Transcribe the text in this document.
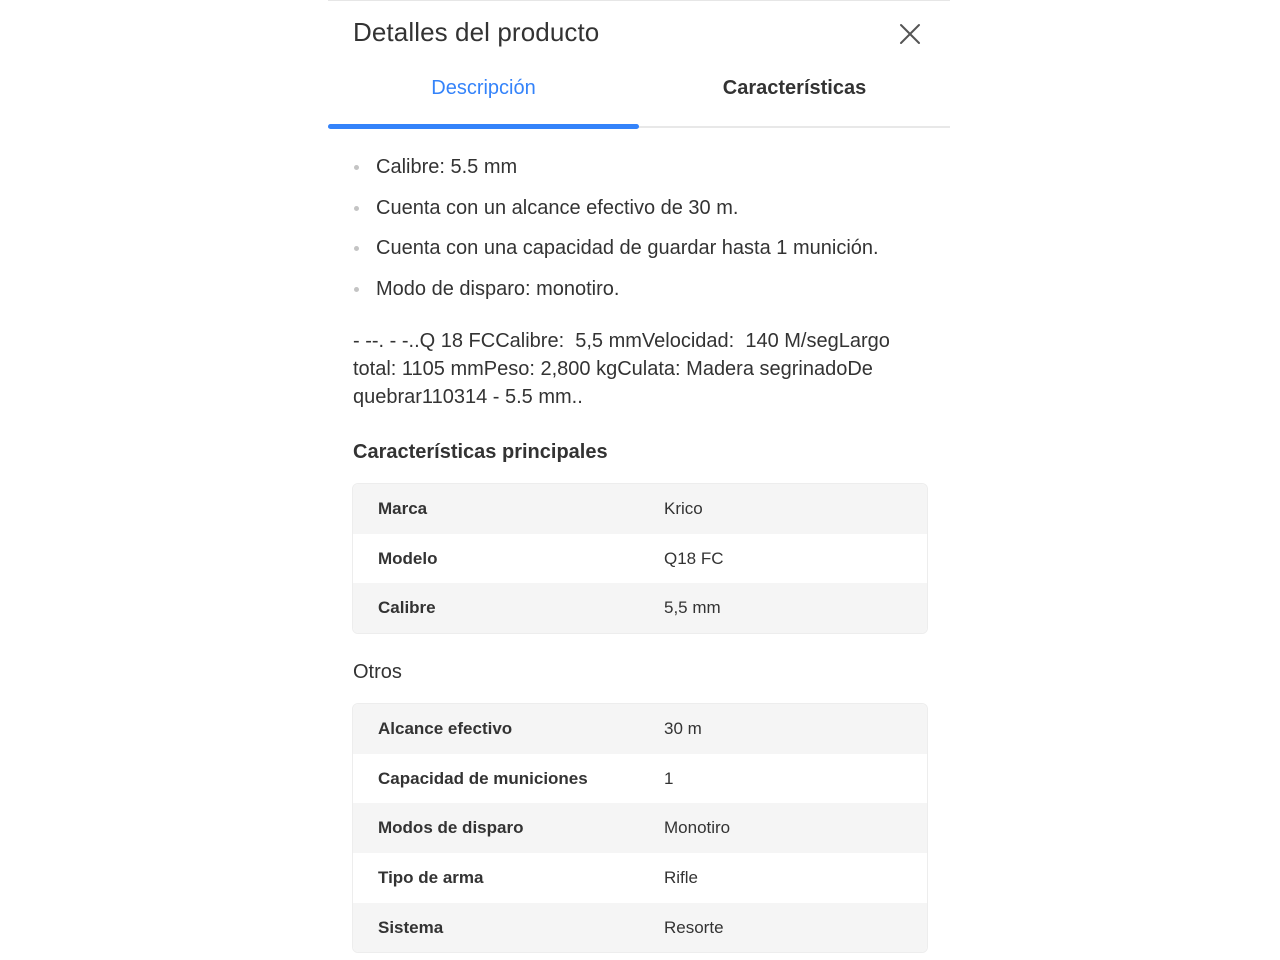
Detalles del producto
Descripción	Características
Calibre: 5.5 mm
Cuenta con un alcance efectivo de 30 m.
Cuenta con una capacidad de guardar hasta 1 munición.
Modo de disparo: monotiro.

- --. - -..Q 18 FCCalibre:  5,5 mmVelocidad:  140 M/segLargo total: 1105 mmPeso: 2,800 kgCulata: Madera segrinadoDe quebrar110314 - 5.5 mm..

Características principales
Marca	Krico
Modelo	Q18 FC
Calibre	5,5 mm
Otros
Alcance efectivo	30 m
Capacidad de municiones	1
Modos de disparo	Monotiro
Tipo de arma	Rifle
Sistema	Resorte
